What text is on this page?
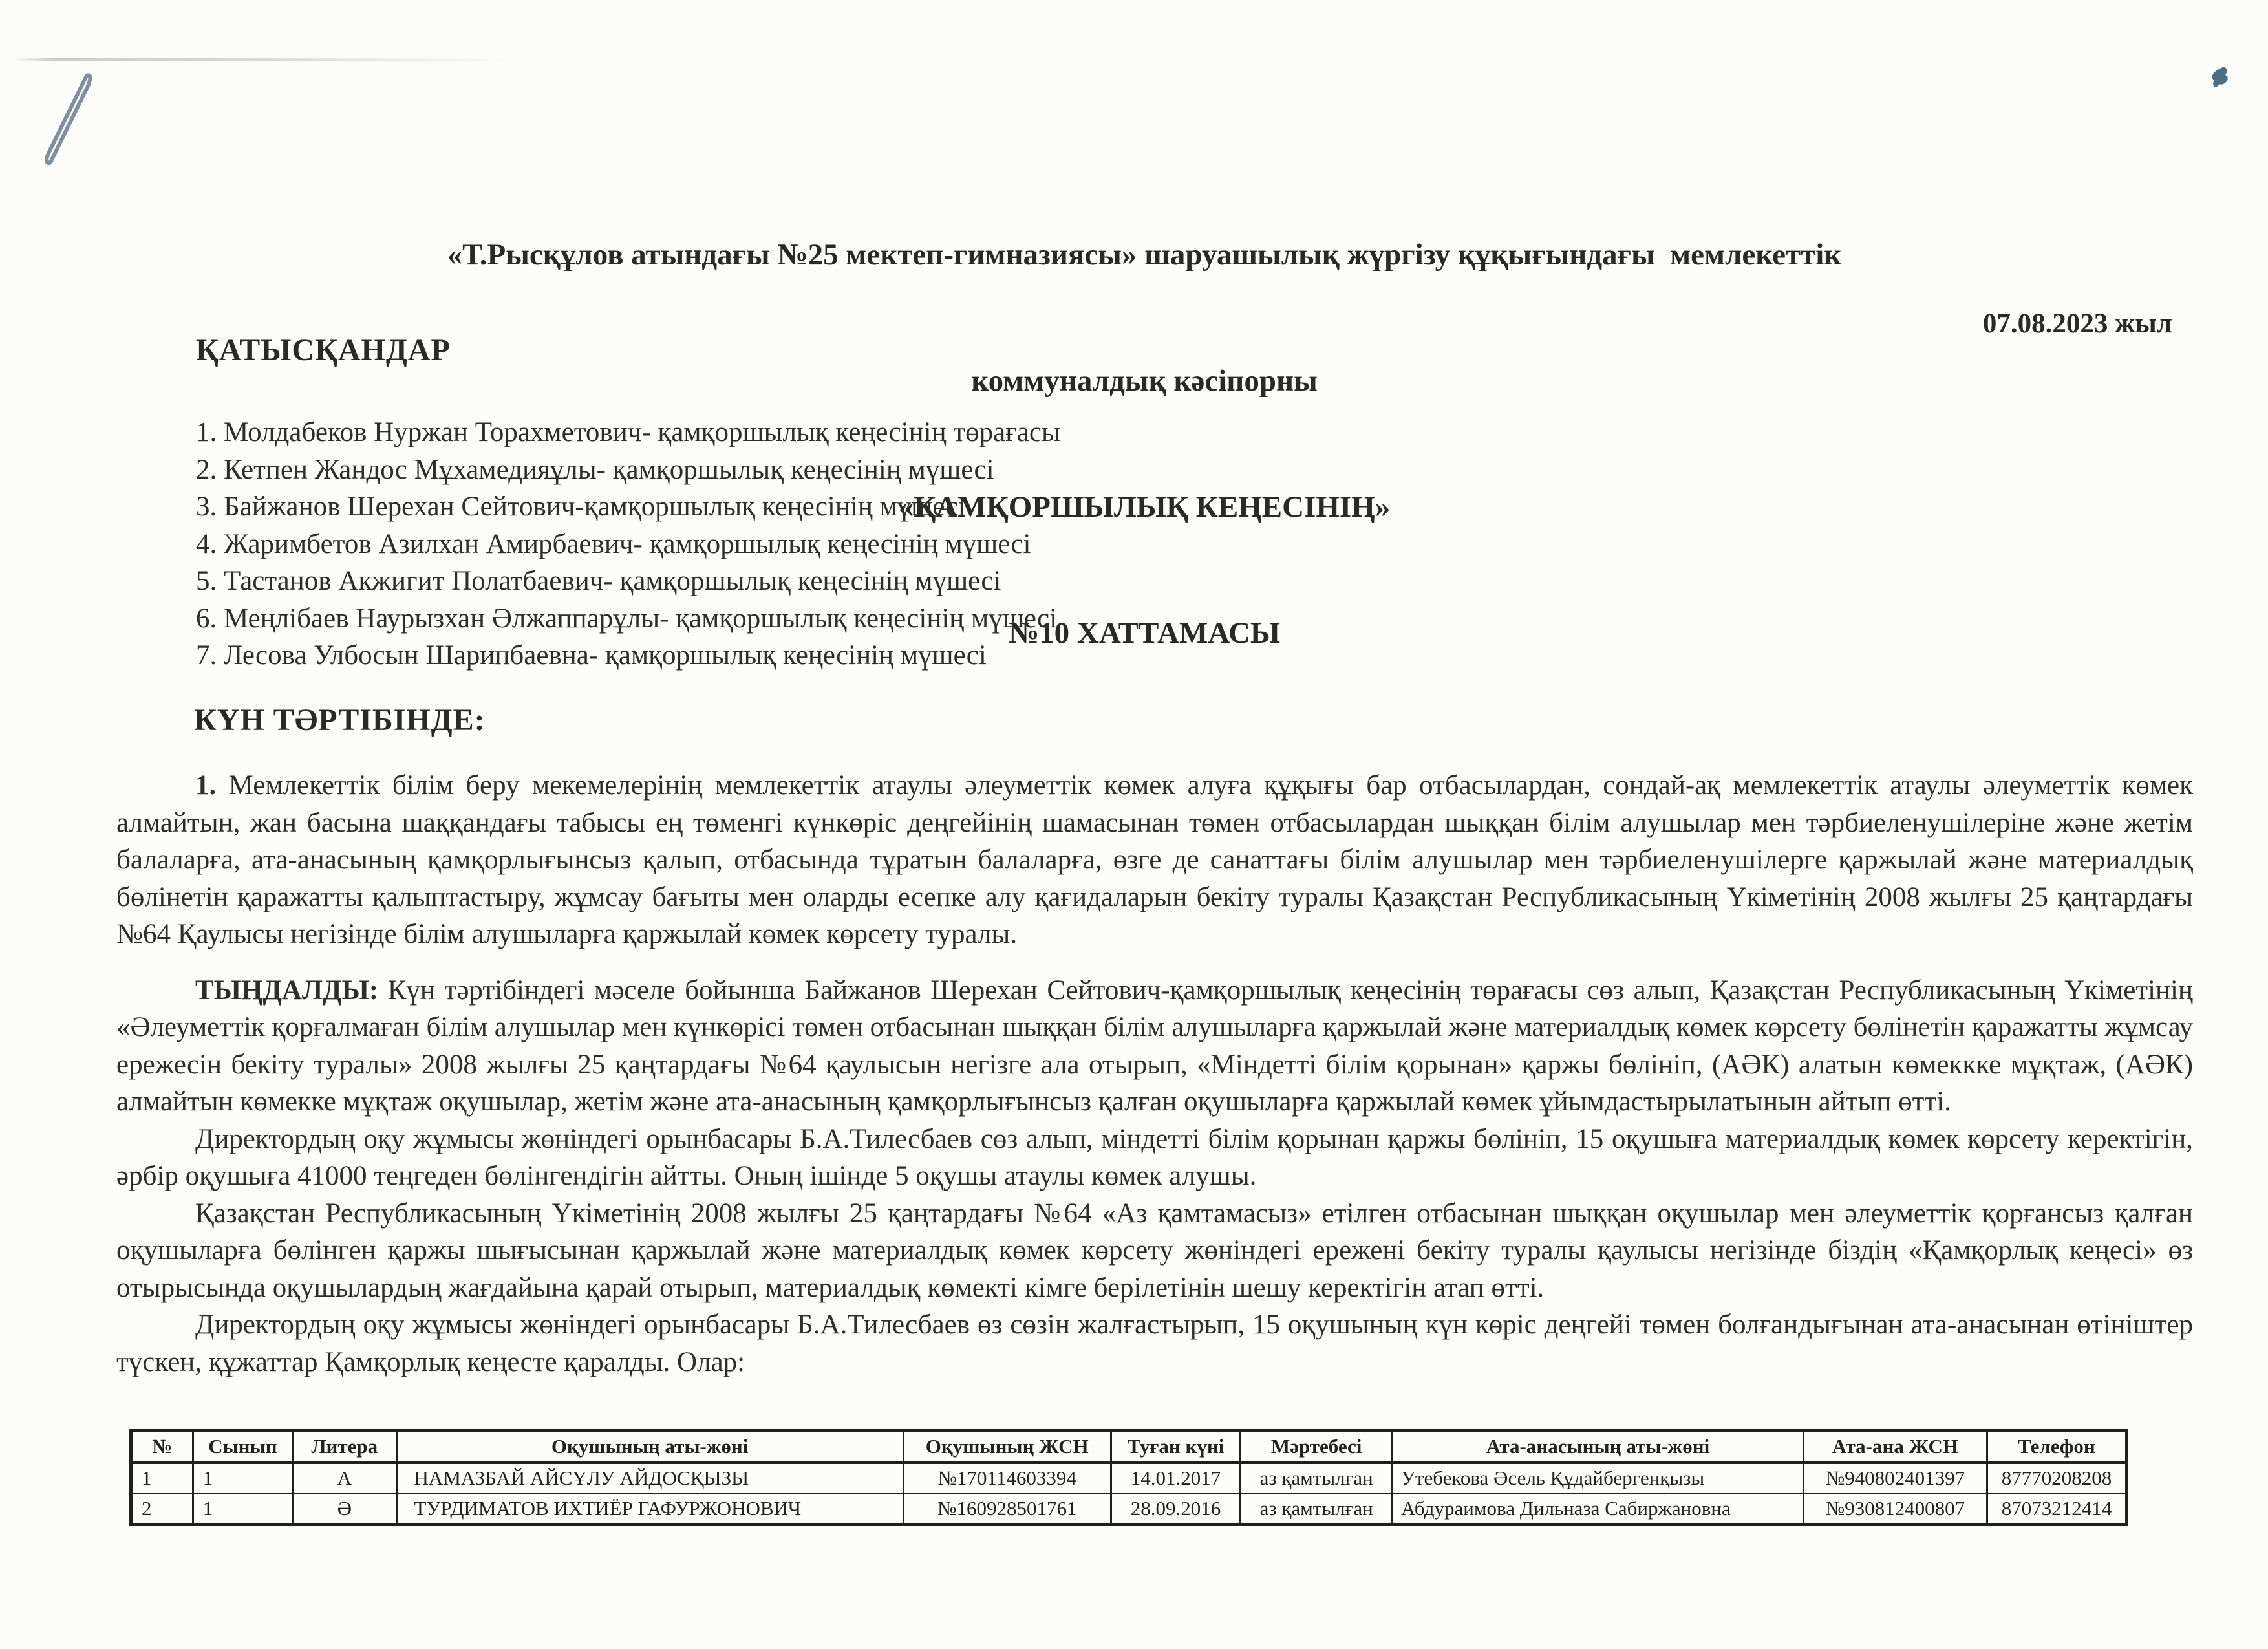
«Т.Рысқұлов атындағы №25 мектеп-гимназиясы» шаруашылық жүргізу құқығындағы  мемлекеттік

коммуналдық кәсіпорны

«ҚАМҚОРШЫЛЫҚ КЕҢЕСІНІҢ»

№10 ХАТТАМАСЫ

07.08.2023 жыл
ҚАТЫСҚАНДАР
1. Молдабеков Нуржан Торахметович- қамқоршылық кеңесінің төрағасы
2. Кетпен Жандос Мұхамедияұлы- қамқоршылық кеңесінің мүшесі
3. Байжанов Шерехан Сейтович-қамқоршылық кеңесінің мүшесі
4. Жаримбетов Азилхан Амирбаевич- қамқоршылық кеңесінің мүшесі
5. Тастанов Акжигит Полатбаевич- қамқоршылық кеңесінің мүшесі
6. Меңлібаев Наурызхан Әлжаппарұлы- қамқоршылық кеңесінің мүшесі
7. Лесова Улбосын Шарипбаевна- қамқоршылық кеңесінің мүшесі
КҮН ТӘРТІБІНДЕ:

1. Мемлекеттік білім беру мекемелерінің мемлекеттік атаулы әлеуметтік көмек алуға құқығы бар отбасылардан, сондай-ақ мемлекеттік атаулы әлеуметтік көмек алмайтын, жан басына шаққандағы табысы ең төменгі күнкөріс деңгейінің шамасынан төмен отбасылардан шыққан білім алушылар мен тәрбиеленушілеріне және жетім балаларға, ата-анасының қамқорлығынсыз қалып, отбасында тұратын балаларға, өзге де санаттағы білім алушылар мен тәрбиеленушілерге қаржылай және материалдық бөлінетін қаражатты қалыптастыру, жұмсау бағыты мен оларды есепке алу қағидаларын бекіту туралы Қазақстан Республикасының Үкіметінің 2008 жылғы 25 қаңтардағы №64 Қаулысы негізінде білім алушыларға қаржылай көмек көрсету туралы.

ТЫҢДАЛДЫ: Күн тәртібіндегі мәселе бойынша Байжанов Шерехан Сейтович-қамқоршылық кеңесінің төрағасы сөз алып, Қазақстан Республикасының Үкіметінің «Әлеуметтік қорғалмаған білім алушылар мен күнкөрісі төмен отбасынан шыққан білім алушыларға қаржылай және материалдық көмек көрсету бөлінетін қаражатты жұмсау ережесін бекіту туралы» 2008 жылғы 25 қаңтардағы №64 қаулысын негізге ала отырып, «Міндетті білім қорынан» қаржы бөлініп, (АӘК) алатын көмеккке мұқтаж, (АӘК) алмайтын көмекке мұқтаж оқушылар, жетім және ата-анасының қамқорлығынсыз қалған оқушыларға қаржылай көмек ұйымдастырылатынын айтып өтті.

Директордың оқу жұмысы жөніндегі орынбасары Б.А.Тилесбаев сөз алып, міндетті білім қорынан қаржы бөлініп, 15 оқушыға материалдық көмек көрсету керектігін, әрбір оқушыға 41000 теңгеден бөлінгендігін айтты. Оның ішінде 5 оқушы атаулы көмек алушы.

Қазақстан Республикасының Үкіметінің 2008 жылғы 25 қаңтардағы №64 «Аз қамтамасыз» етілген отбасынан шыққан оқушылар мен әлеуметтік қорғансыз қалған оқушыларға бөлінген қаржы шығысынан қаржылай және материалдық көмек көрсету жөніндегі ережені бекіту туралы қаулысы негізінде біздің «Қамқорлық кеңесі» өз отырысында оқушылардың жағдайына қарай отырып, материалдық көмекті кімге берілетінін шешу керектігін атап өтті.

Директордың оқу жұмысы жөніндегі орынбасары Б.А.Тилесбаев өз сөзін жалғастырып, 15 оқушының күн көріс деңгейі төмен болғандығынан ата-анасынан өтініштер түскен, құжаттар Қамқорлық кеңесте қаралды. Олар:

№	Сынып	Литера	Оқушының аты-жөні	Оқушының ЖСН	Туған күні	Мәртебесі	Ата-анасының аты-жөні	Ата-ана ЖСН	Телефон
1	1	А	НАМАЗБАЙ АЙСҰЛУ АЙДОСҚЫЗЫ	№170114603394	14.01.2017	аз қамтылған	Утебекова Әсель Құдайбергенқызы	№940802401397	87770208208
2	1	Ә	ТУРДИМАТОВ ИХТИЁР ГАФУРЖОНОВИЧ	№160928501761	28.09.2016	аз қамтылған	Абдураимова Дильназа Сабиржановна	№930812400807	87073212414
